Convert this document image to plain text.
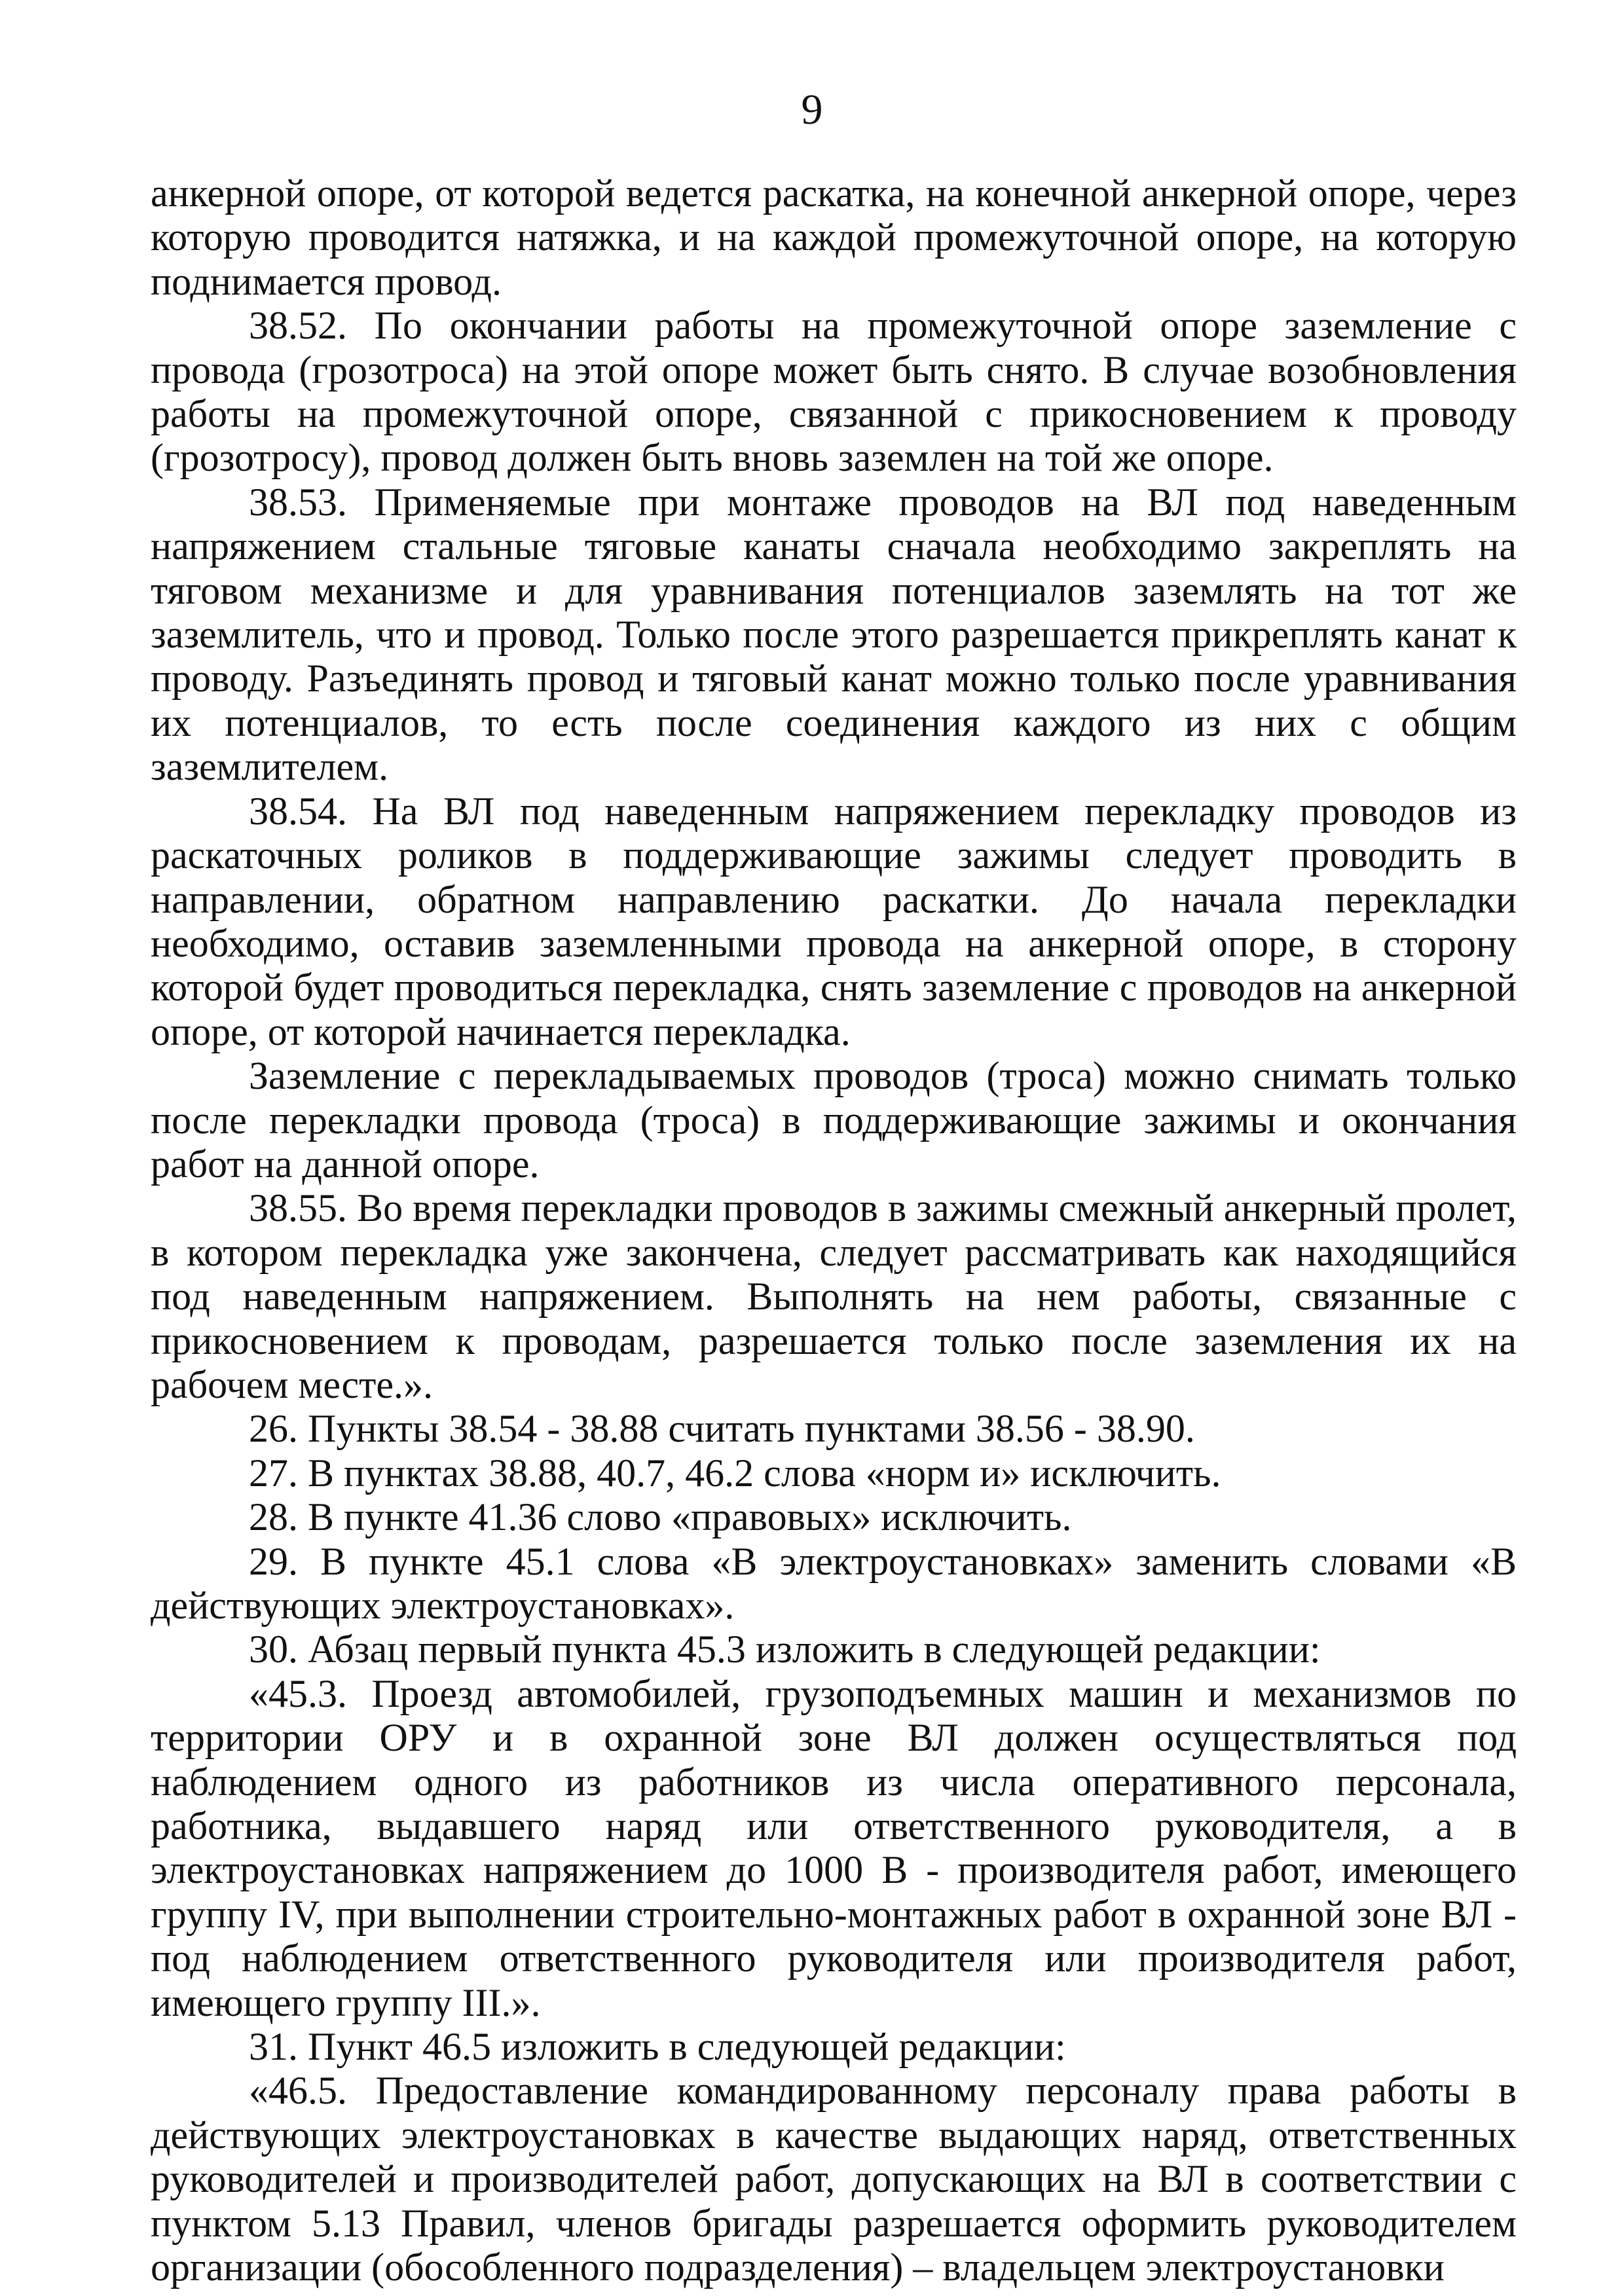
9

анкерной опоре, от которой ведется раскатка, на конечной анкерной опоре, через которую проводится натяжка, и на каждой промежуточной опоре, на которую поднимается провод.

38.52. По окончании работы на промежуточной опоре заземление с провода (грозотроса) на этой опоре может быть снято. В случае возобновления работы на промежуточной опоре, связанной с прикосновением к проводу (грозотросу), провод должен быть вновь заземлен на той же опоре.

38.53. Применяемые при монтаже проводов на ВЛ под наведенным напряжением стальные тяговые канаты сначала необходимо закреплять на тяговом механизме и для уравнивания потенциалов заземлять на тот же заземлитель, что и провод. Только после этого разрешается прикреплять канат к проводу. Разъединять провод и тяговый канат можно только после уравнивания их потенциалов, то есть после соединения каждого из них с общим заземлителем.

38.54. На ВЛ под наведенным напряжением перекладку проводов из раскаточных роликов в поддерживающие зажимы следует проводить в направлении, обратном направлению раскатки. До начала перекладки необходимо, оставив заземленными провода на анкерной опоре, в сторону которой будет проводиться перекладка, снять заземление с проводов на анкерной опоре, от которой начинается перекладка.

Заземление с перекладываемых проводов (троса) можно снимать только после перекладки провода (троса) в поддерживающие зажимы и окончания работ на данной опоре.

38.55. Во время перекладки проводов в зажимы смежный анкерный пролет, в котором перекладка уже закончена, следует рассматривать как находящийся под наведенным напряжением. Выполнять на нем работы, связанные с прикосновением к проводам, разрешается только после заземления их на рабочем месте.».

26. Пункты 38.54 - 38.88 считать пунктами 38.56 - 38.90.

27. В пунктах 38.88, 40.7, 46.2 слова «норм и» исключить.

28. В пункте 41.36 слово «правовых» исключить.

29. В пункте 45.1 слова «В электроустановках» заменить словами «В действующих электроустановках».

30. Абзац первый пункта 45.3 изложить в следующей редакции:

«45.3. Проезд автомобилей, грузоподъемных машин и механизмов по территории ОРУ и в охранной зоне ВЛ должен осуществляться под наблюдением одного из работников из числа оперативного персонала, работника, выдавшего наряд или ответственного руководителя, а в электроустановках напряжением до 1000 В - производителя работ, имеющего группу IV, при выполнении строительно-монтажных работ в охранной зоне ВЛ - под наблюдением ответственного руководителя или производителя работ, имеющего группу III.».

31. Пункт 46.5 изложить в следующей редакции:

«46.5. Предоставление командированному персоналу права работы в действующих электроустановках в качестве выдающих наряд, ответственных руководителей и производителей работ, допускающих на ВЛ в соответствии с пунктом 5.13 Правил, членов бригады разрешается оформить руководителем организации (обособленного подразделения) – владельцем электроустановки
